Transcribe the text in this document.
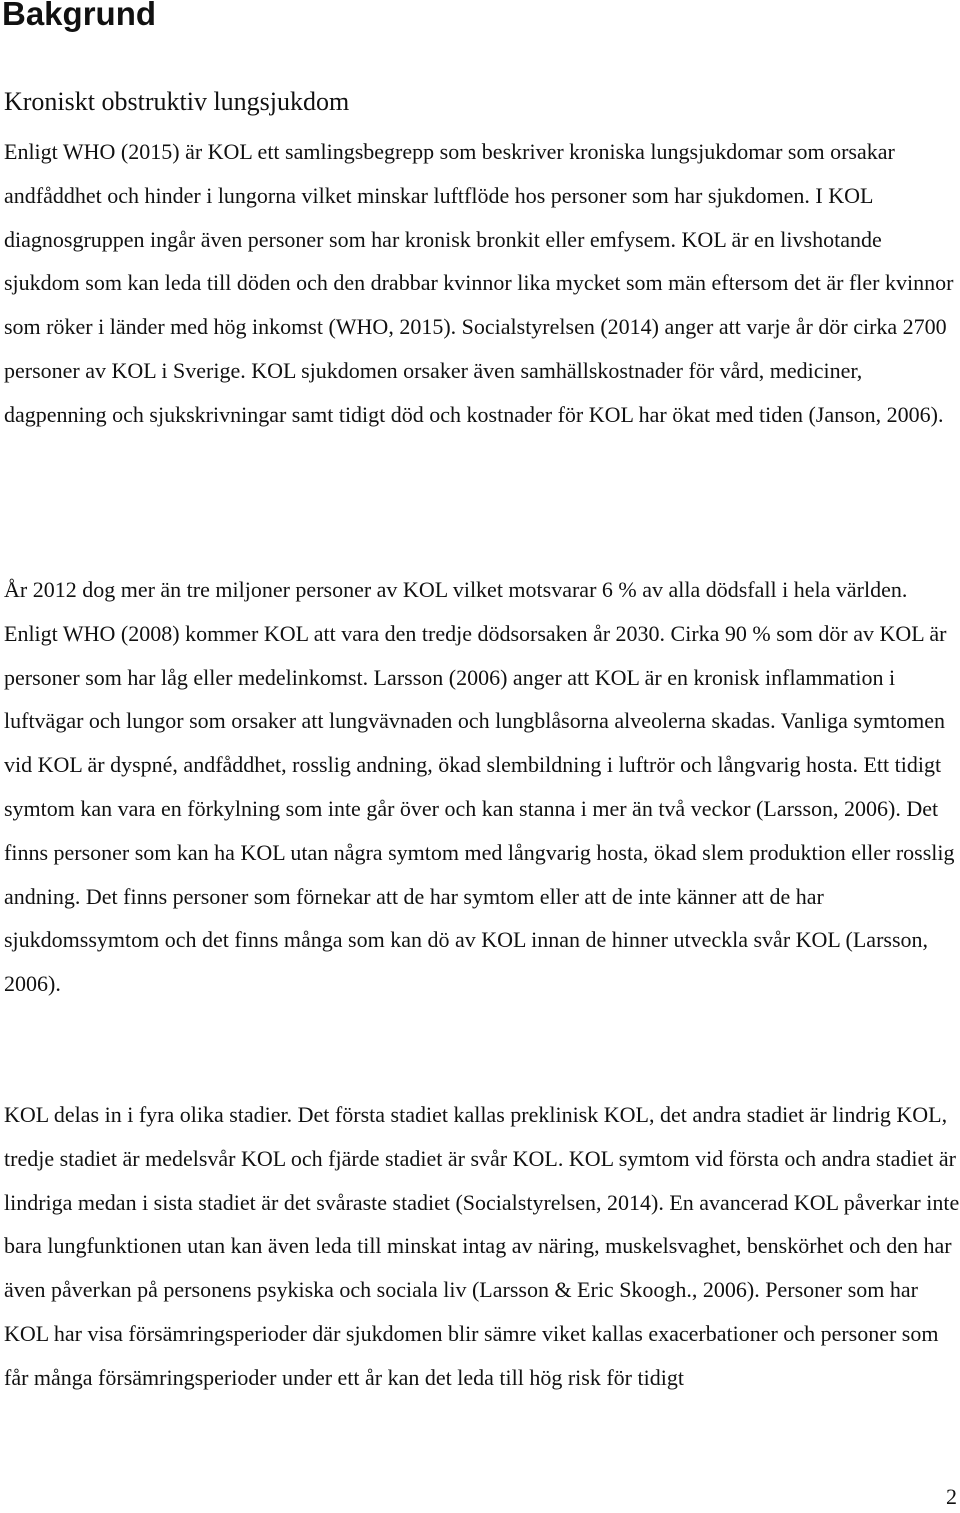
Bakgrund
Kroniskt obstruktiv lungsjukdom

Enligt WHO (2015) är KOL ett samlingsbegrepp som beskriver kroniska lungsjukdomar som orsakar andfåddhet och hinder i lungorna vilket minskar luftflöde hos personer som har sjukdomen. I KOL diagnosgruppen ingår även personer som har kronisk bronkit eller emfysem. KOL är en livshotande sjukdom som kan leda till döden och den drabbar kvinnor lika mycket som män eftersom det är fler kvinnor som röker i länder med hög inkomst (WHO, 2015). Socialstyrelsen (2014) anger att varje år dör cirka 2700 personer av KOL i Sverige. KOL sjukdomen orsaker även samhällskostnader för vård, mediciner, dagpenning och sjukskrivningar samt tidigt död och kostnader för KOL har ökat med tiden (Janson, 2006).

År 2012 dog mer än tre miljoner personer av KOL vilket motsvarar 6 % av alla dödsfall i hela världen. Enligt WHO (2008) kommer KOL att vara den tredje dödsorsaken år 2030. Cirka 90 % som dör av KOL är personer som har låg eller medelinkomst. Larsson (2006) anger att KOL är en kronisk inflammation i luftvägar och lungor som orsaker att lungvävnaden och lungblåsorna alveolerna skadas. Vanliga symtomen vid KOL är dyspné, andfåddhet, rosslig andning, ökad slembildning i luftrör och långvarig hosta. Ett tidigt symtom kan vara en förkylning som inte går över och kan stanna i mer än två veckor (Larsson, 2006). Det finns personer som kan ha KOL utan några symtom med långvarig hosta, ökad slem produktion eller rosslig andning. Det finns personer som förnekar att de har symtom eller att de inte känner att de har sjukdomssymtom och det finns många som kan dö av KOL innan de hinner utveckla svår KOL (Larsson, 2006).

KOL delas in i fyra olika stadier. Det första stadiet kallas preklinisk KOL, det andra stadiet är lindrig KOL, tredje stadiet är medelsvår KOL och fjärde stadiet är svår KOL. KOL symtom vid första och andra stadiet är lindriga medan i sista stadiet är det svåraste stadiet (Socialstyrelsen, 2014). En avancerad KOL påverkar inte bara lungfunktionen utan kan även leda till minskat intag av näring, muskelsvaghet, benskörhet och den har även påverkan på personens psykiska och sociala liv (Larsson & Eric Skoogh., 2006). Personer som har KOL har visa försämringsperioder där sjukdomen blir sämre viket kallas exacerbationer och personer som får många försämringsperioder under ett år kan det leda till hög risk för tidigt

2
